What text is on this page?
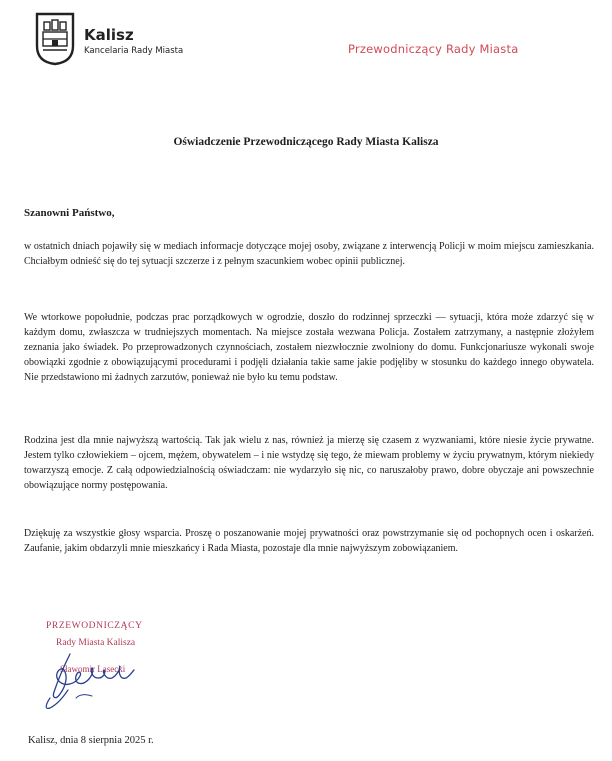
Kalisz
Kancelaria Rady Miasta	Przewodniczący Rady Miasta
Oświadczenie Przewodniczącego Rady Miasta Kalisza
Szanowni Państwo,

w ostatnich dniach pojawiły się w mediach informacje dotyczące mojej osoby, związane z interwencją Policji w moim miejscu zamieszkania. Chciałbym odnieść się do tej sytuacji szczerze i z pełnym szacunkiem wobec opinii publicznej.

We wtorkowe popołudnie, podczas prac porządkowych w ogrodzie, doszło do rodzinnej sprzeczki — sytuacji, która może zdarzyć się w każdym domu, zwłaszcza w trudniejszych momentach. Na miejsce została wezwana Policja. Zostałem zatrzymany, a następnie złożyłem zeznania jako świadek. Po przeprowadzonych czynnościach, zostałem niezwłocznie zwolniony do domu. Funkcjonariusze wykonali swoje obowiązki zgodnie z obowiązującymi procedurami i podjęli działania takie same jakie podjęliby w stosunku do każdego innego obywatela. Nie przedstawiono mi żadnych zarzutów, ponieważ nie było ku temu podstaw.

Rodzina jest dla mnie najwyższą wartością. Tak jak wielu z nas, również ja mierzę się czasem z wyzwaniami, które niesie życie prywatne. Jestem tylko człowiekiem – ojcem, mężem, obywatelem – i nie wstydzę się tego, że miewam problemy w życiu prywatnym, którym niekiedy towarzyszą emocje. Z całą odpowiedzialnością oświadczam: nie wydarzyło się nic, co naruszałoby prawo, dobre obyczaje ani powszechnie obowiązujące normy postępowania.

Dziękuję za wszystkie głosy wsparcia. Proszę o poszanowanie mojej prywatności oraz powstrzymanie się od pochopnych ocen i oskarżeń. Zaufanie, jakim obdarzyli mnie mieszkańcy i Rada Miasta, pozostaje dla mnie najwyższym zobowiązaniem.

PRZEWODNICZĄCY
Rady Miasta Kalisza
Sławomir Lasecki
Kalisz, dnia 8 sierpnia 2025 r.
